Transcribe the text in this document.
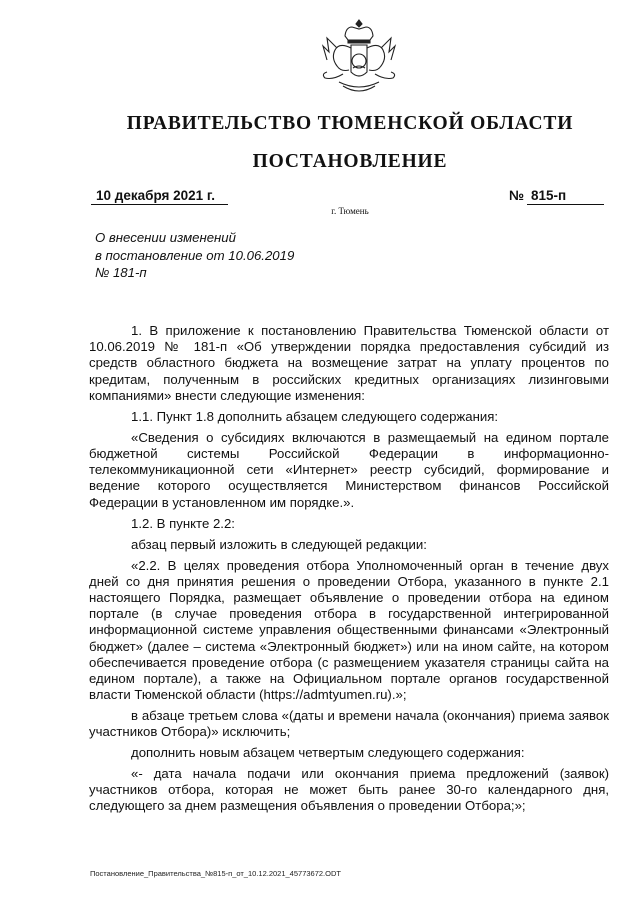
ПРАВИТЕЛЬСТВО ТЮМЕНСКОЙ ОБЛАСТИ
ПОСТАНОВЛЕНИЕ
10 декабря 2021 г.	№ 815-п
г. Тюмень
О внесении изменений
в постановление от 10.06.2019
№ 181-п

1. В приложение к постановлению Правительства Тюменской области от 10.06.2019 № 181-п «Об утверждении порядка предоставления субсидий из средств областного бюджета на возмещение затрат на уплату процентов по кредитам, полученным в российских кредитных организациях лизинговыми компаниями» внести следующие изменения:

1.1. Пункт 1.8 дополнить абзацем следующего содержания:

«Сведения о субсидиях включаются в размещаемый на едином портале бюджетной системы Российской Федерации в информационно-телекоммуникационной сети «Интернет» реестр субсидий, формирование и ведение которого осуществляется Министерством финансов Российской Федерации в установленном им порядке.».

1.2. В пункте 2.2:

абзац первый изложить в следующей редакции:

«2.2. В целях проведения отбора Уполномоченный орган в течение двух дней со дня принятия решения о проведении Отбора, указанного в пункте 2.1 настоящего Порядка, размещает объявление о проведении отбора на едином портале (в случае проведения отбора в государственной интегрированной информационной системе управления общественными финансами «Электронный бюджет» (далее – система «Электронный бюджет») или на ином сайте, на котором обеспечивается проведение отбора (с размещением указателя страницы сайта на едином портале), а также на Официальном портале органов государственной власти Тюменской области (https://admtyumen.ru).»;

в абзаце третьем слова «(даты и времени начала (окончания) приема заявок участников Отбора)» исключить;

дополнить новым абзацем четвертым следующего содержания:

«- дата начала подачи или окончания приема предложений (заявок) участников отбора, которая не может быть ранее 30-го календарного дня, следующего за днем размещения объявления о проведении Отбора;»;

Постановление_Правительства_№815-п_от_10.12.2021_45773672.ODT
